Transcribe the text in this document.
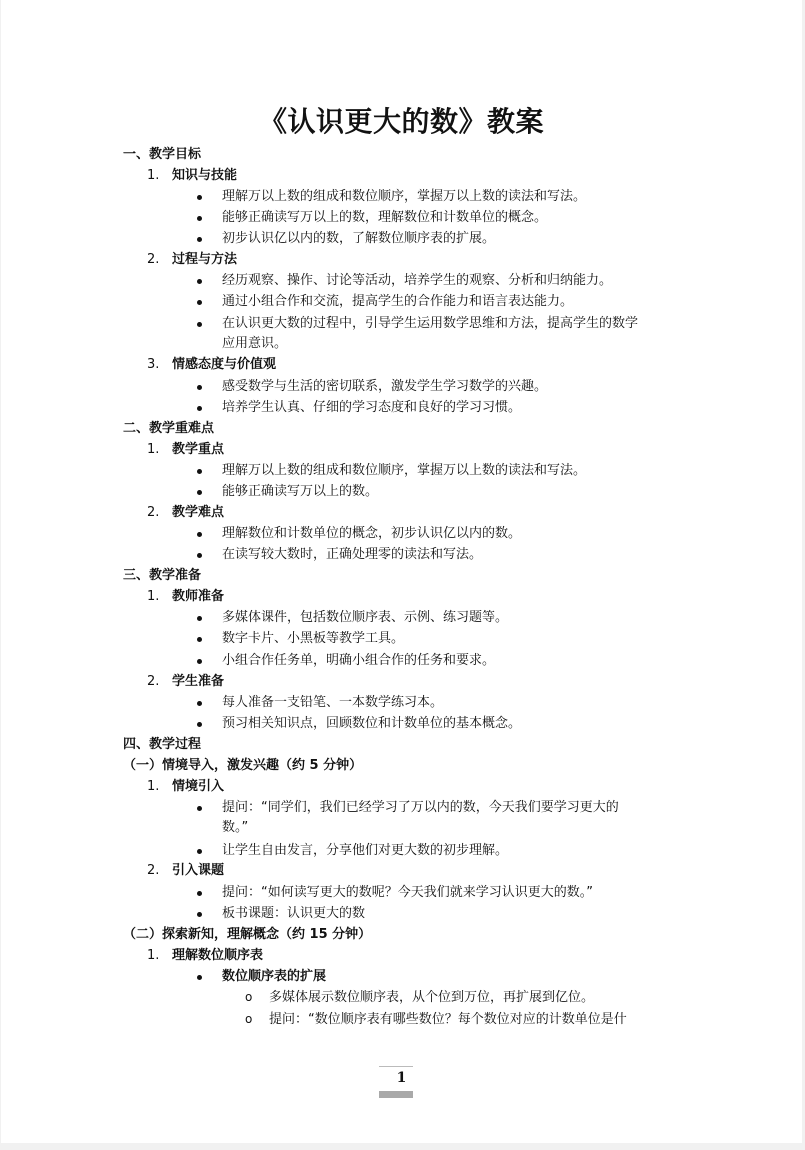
《认识更大的数》教案
一、教学目标
1. 知识与技能
理解万以上数的组成和数位顺序，掌握万以上数的读法和写法。
能够正确读写万以上的数，理解数位和计数单位的概念。
初步认识亿以内的数，了解数位顺序表的扩展。
2. 过程与方法
经历观察、操作、讨论等活动，培养学生的观察、分析和归纳能力。
通过小组合作和交流，提高学生的合作能力和语言表达能力。
在认识更大数的过程中，引导学生运用数学思维和方法，提高学生的数学
应用意识。
3. 情感态度与价值观
感受数学与生活的密切联系，激发学生学习数学的兴趣。
培养学生认真、仔细的学习态度和良好的学习习惯。
二、教学重难点
1. 教学重点
理解万以上数的组成和数位顺序，掌握万以上数的读法和写法。
能够正确读写万以上的数。
2. 教学难点
理解数位和计数单位的概念，初步认识亿以内的数。
在读写较大数时，正确处理零的读法和写法。
三、教学准备
1. 教师准备
多媒体课件，包括数位顺序表、示例、练习题等。
数字卡片、小黑板等教学工具。
小组合作任务单，明确小组合作的任务和要求。
2. 学生准备
每人准备一支铅笔、一本数学练习本。
预习相关知识点，回顾数位和计数单位的基本概念。
四、教学过程
（一）情境导入，激发兴趣（约 5 分钟）
1. 情境引入
提问：“同学们，我们已经学习了万以内的数，今天我们要学习更大的
数。”
让学生自由发言，分享他们对更大数的初步理解。
2. 引入课题
提问：“如何读写更大的数呢？今天我们就来学习认识更大的数。”
板书课题：认识更大的数
（二）探索新知，理解概念（约 15 分钟）
1. 理解数位顺序表
数位顺序表的扩展
o 多媒体展示数位顺序表，从个位到万位，再扩展到亿位。
o 提问：“数位顺序表有哪些数位？每个数位对应的计数单位是什
1
